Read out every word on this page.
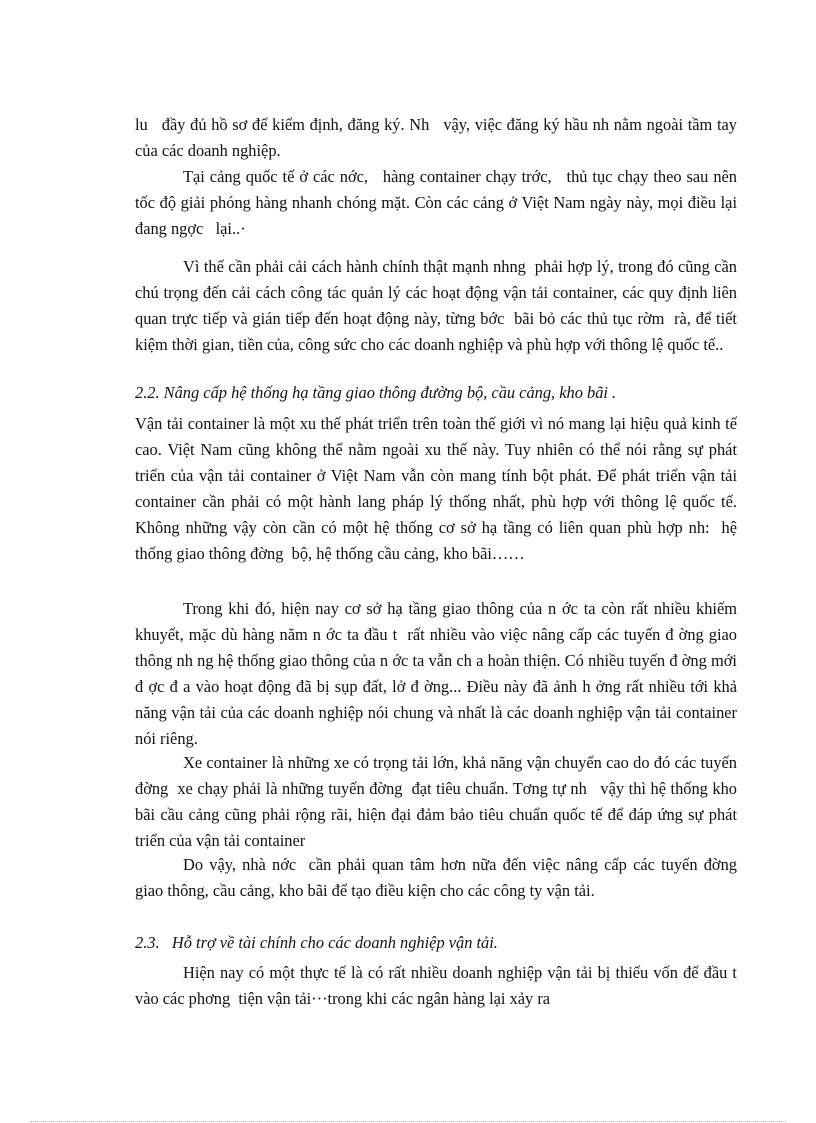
lu   đầy đủ hồ sơ để kiểm định, đăng ký. Nh   vậy, việc đăng ký hầu nh nằm ngoài tầm tay của các doanh nghiệp.
Tại cảng quốc tế ở các nớc,   hàng container chạy trớc,   thủ tục chạy theo sau nên tốc độ giải phóng hàng nhanh chóng mặt. Còn các cảng ở Việt Nam ngày này, mọi điều lại đang ngợc   lại..·
Vì thế cần phải cải cách hành chính thật mạnh nhng  phải hợp lý, trong đó cũng cần chú trọng đến cải cách công tác quản lý các hoạt động vận tải container, các quy định liên quan trực tiếp và gián tiếp đến hoạt động này, từng bớc  bãi bỏ các thủ tục rờm  rà, để tiết kiệm thời gian, tiền của, công sức cho các doanh nghiệp và phù hợp với thông lệ quốc tế..
2.2. Nâng cấp hệ thống hạ tầng giao thông đường bộ, cầu cảng, kho bãi .
Vận tải container là một xu thế phát triển trên toàn thế giới vì nó mang lại hiệu quả kinh tế cao. Việt Nam cũng không thể nằm ngoài xu thế này. Tuy nhiên có thể nói rằng sự phát triển của vận tải container ở Việt Nam vẫn còn mang tính bột phát. Để phát triển vận tải container cần phải có một hành lang pháp lý thống nhất, phù hợp với thông lệ quốc tế. Không những vậy còn cần có một hệ thống cơ sở hạ tầng có liên quan phù hợp nh:  hệ thống giao thông đờng  bộ, hệ thống cầu cảng, kho bãi……
Trong khi đó, hiện nay cơ sở hạ tầng giao thông của n ớc ta còn rất nhiều khiếm khuyết, mặc dù hàng năm n ớc ta đầu t  rất nhiều vào việc nâng cấp các tuyến đ ờng giao thông nh ng hệ thống giao thông của n ớc ta vẫn ch a hoàn thiện. Có nhiều tuyến đ ờng mới đ ợc đ a vào hoạt động đã bị sụp đất, lở đ ờng... Điều này đã ảnh h ởng rất nhiều tới khả năng vận tải của các doanh nghiệp nói chung và nhất là các doanh nghiệp vận tải container nói riêng.
Xe container là những xe có trọng tải lớn, khả năng vận chuyển cao do đó các tuyến đờng  xe chạy phải là những tuyến đờng  đạt tiêu chuẩn. Tơng tự nh   vậy thì hệ thống kho bãi cầu cảng cũng phải rộng rãi, hiện đại đảm bảo tiêu chuẩn quốc tế để đáp ứng sự phát triển của vận tải container
Do vậy, nhà nớc  cần phải quan tâm hơn nữa đến việc nâng cấp các tuyến đờng  giao thông, cầu cảng, kho bãi để tạo điều kiện cho các công ty vận tải.
2.3.   Hỗ trợ về tài chính cho các doanh nghiệp vận tải.
Hiện nay có một thực tế là có rất nhiều doanh nghiệp vận tải bị thiếu vốn để đầu t  vào các phơng  tiện vận tải···trong khi các ngân hàng lại xảy ra
